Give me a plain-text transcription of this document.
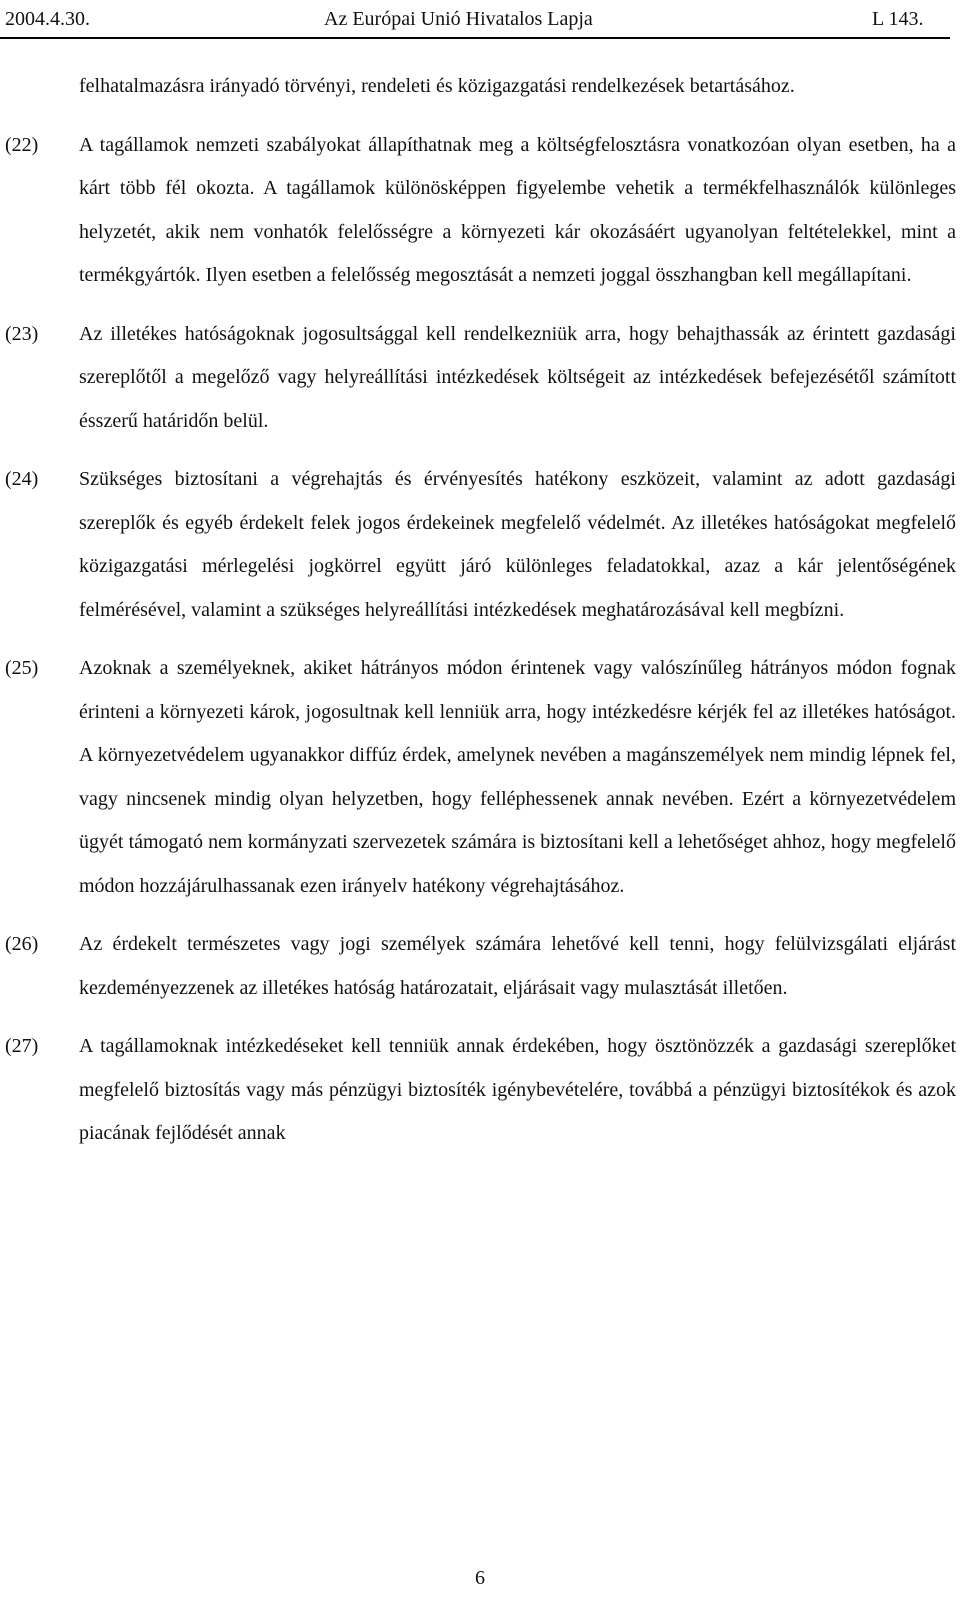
2004.4.30.	Az Európai Unió Hivatalos Lapja	L 143.
felhatalmazásra irányadó törvényi, rendeleti és közigazgatási rendelkezések betartásához.
(22) A tagállamok nemzeti szabályokat állapíthatnak meg a költségfelosztásra vonatkozóan olyan esetben, ha a kárt több fél okozta. A tagállamok különösképpen figyelembe vehetik a termékfelhasználók különleges helyzetét, akik nem vonhatók felelősségre a környezeti kár okozásáért ugyanolyan feltételekkel, mint a termékgyártók. Ilyen esetben a felelősség megosztását a nemzeti joggal összhangban kell megállapítani.
(23) Az illetékes hatóságoknak jogosultsággal kell rendelkezniük arra, hogy behajthassák az érintett gazdasági szereplőtől a megelőző vagy helyreállítási intézkedések költségeit az intézkedések befejezésétől számított ésszerű határidőn belül.
(24) Szükséges biztosítani a végrehajtás és érvényesítés hatékony eszközeit, valamint az adott gazdasági szereplők és egyéb érdekelt felek jogos érdekeinek megfelelő védelmét. Az illetékes hatóságokat megfelelő közigazgatási mérlegelési jogkörrel együtt járó különleges feladatokkal, azaz a kár jelentőségének felmérésével, valamint a szükséges helyreállítási intézkedések meghatározásával kell megbízni.
(25) Azoknak a személyeknek, akiket hátrányos módon érintenek vagy valószínűleg hátrányos módon fognak érinteni a környezeti károk, jogosultnak kell lenniük arra, hogy intézkedésre kérjék fel az illetékes hatóságot. A környezetvédelem ugyanakkor diffúz érdek, amelynek nevében a magánszemélyek nem mindig lépnek fel, vagy nincsenek mindig olyan helyzetben, hogy felléphessenek annak nevében. Ezért a környezetvédelem ügyét támogató nem kormányzati szervezetek számára is biztosítani kell a lehetőséget ahhoz, hogy megfelelő módon hozzájárulhassanak ezen irányelv hatékony végrehajtásához.
(26) Az érdekelt természetes vagy jogi személyek számára lehetővé kell tenni, hogy felülvizsgálati eljárást kezdeményezzenek az illetékes hatóság határozatait, eljárásait vagy mulasztását illetően.
(27) A tagállamoknak intézkedéseket kell tenniük annak érdekében, hogy ösztönözzék a gazdasági szereplőket megfelelő biztosítás vagy más pénzügyi biztosíték igénybevételére, továbbá a pénzügyi biztosítékok és azok piacának fejlődését annak
6
